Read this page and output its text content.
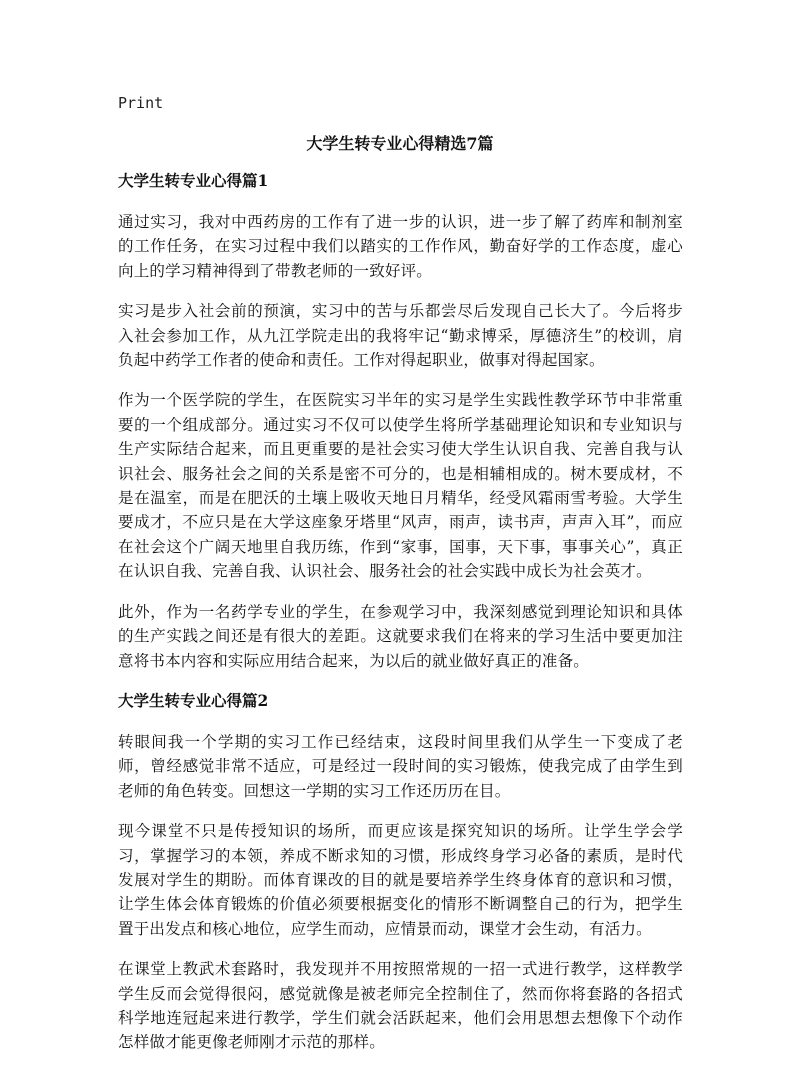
Print
大学生转专业心得精选7篇
大学生转专业心得篇1

通过实习，我对中西药房的工作有了进一步的认识，进一步了解了药库和制剂室的工作任务，在实习过程中我们以踏实的工作作风，勤奋好学的工作态度，虚心向上的学习精神得到了带教老师的一致好评。

实习是步入社会前的预演，实习中的苦与乐都尝尽后发现自己长大了。今后将步入社会参加工作，从九江学院走出的我将牢记“勤求博采，厚德济生”的校训，肩负起中药学工作者的使命和责任。工作对得起职业，做事对得起国家。

作为一个医学院的学生，在医院实习半年的实习是学生实践性教学环节中非常重要的一个组成部分。通过实习不仅可以使学生将所学基础理论知识和专业知识与生产实际结合起来，而且更重要的是社会实习使大学生认识自我、完善自我与认识社会、服务社会之间的关系是密不可分的，也是相辅相成的。树木要成材，不是在温室，而是在肥沃的土壤上吸收天地日月精华，经受风霜雨雪考验。大学生要成才，不应只是在大学这座象牙塔里“风声，雨声，读书声，声声入耳”，而应在社会这个广阔天地里自我历练，作到“家事，国事，天下事，事事关心”，真正在认识自我、完善自我、认识社会、服务社会的社会实践中成长为社会英才。

此外，作为一名药学专业的学生，在参观学习中，我深刻感觉到理论知识和具体的生产实践之间还是有很大的差距。这就要求我们在将来的学习生活中要更加注意将书本内容和实际应用结合起来，为以后的就业做好真正的准备。

大学生转专业心得篇2

转眼间我一个学期的实习工作已经结束，这段时间里我们从学生一下变成了老师，曾经感觉非常不适应，可是经过一段时间的实习锻炼，使我完成了由学生到老师的角色转变。回想这一学期的实习工作还历历在目。

现今课堂不只是传授知识的场所，而更应该是探究知识的场所。让学生学会学习，掌握学习的本领，养成不断求知的习惯，形成终身学习必备的素质，是时代发展对学生的期盼。而体育课改的目的就是要培养学生终身体育的意识和习惯，让学生体会体育锻炼的价值必须要根据变化的情形不断调整自己的行为，把学生置于出发点和核心地位，应学生而动，应情景而动，课堂才会生动，有活力。

在课堂上教武术套路时，我发现并不用按照常规的一招一式进行教学，这样教学学生反而会觉得很闷，感觉就像是被老师完全控制住了，然而你将套路的各招式科学地连冠起来进行教学，学生们就会活跃起来，他们会用思想去想像下个动作怎样做才能更像老师刚才示范的那样。
